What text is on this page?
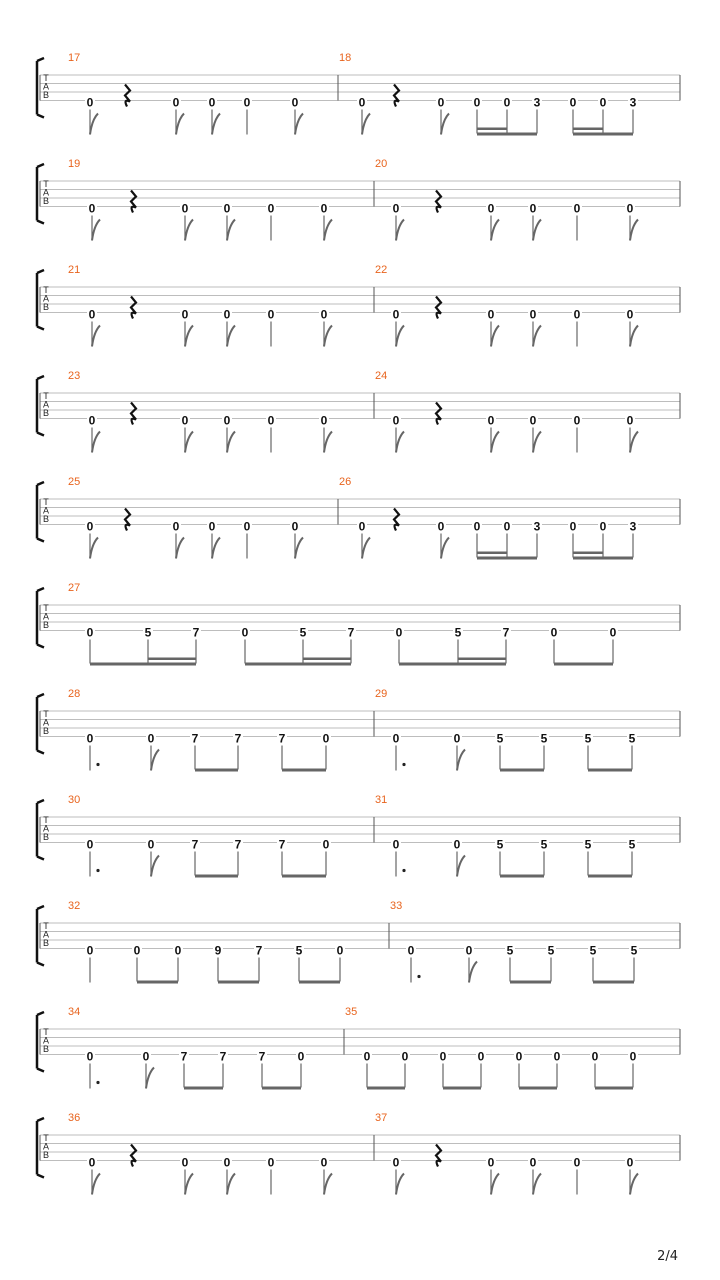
T
A
B
17
0	0 0 0	0
18
0	0 0 0 3 0 0 3
T
A
B
19
0	0	0	0	0
20
0	0	0	0	0
T
A
B
21
0	0	0	0	0
22
0	0	0	0	0
T
A
B
23
0	0	0	0	0
24
0	0	0	0	0
T
A
B
25
0	0 0 0	0
26
0	0 0 0 3 0 0 3
T
A
B
27
0	5	7	0	5	7	0	5	7	0	0
T
A
B
28
0	0	7	7	7	0
29
0	0	5	5	5	5
T
A
B
30
0	0	7	7	7	0
31
0	0	5	5	5	5
T
A
B
32
0	0	0	9	7	5	0
33
0	0	5	5	5	5
T
A
B
34
0	0	7	7	7	0
35
0	0	0	0	0	0	0	0
T
A
B
36
0	0	0	0	0
37
0	0	0	0	0
2/4
